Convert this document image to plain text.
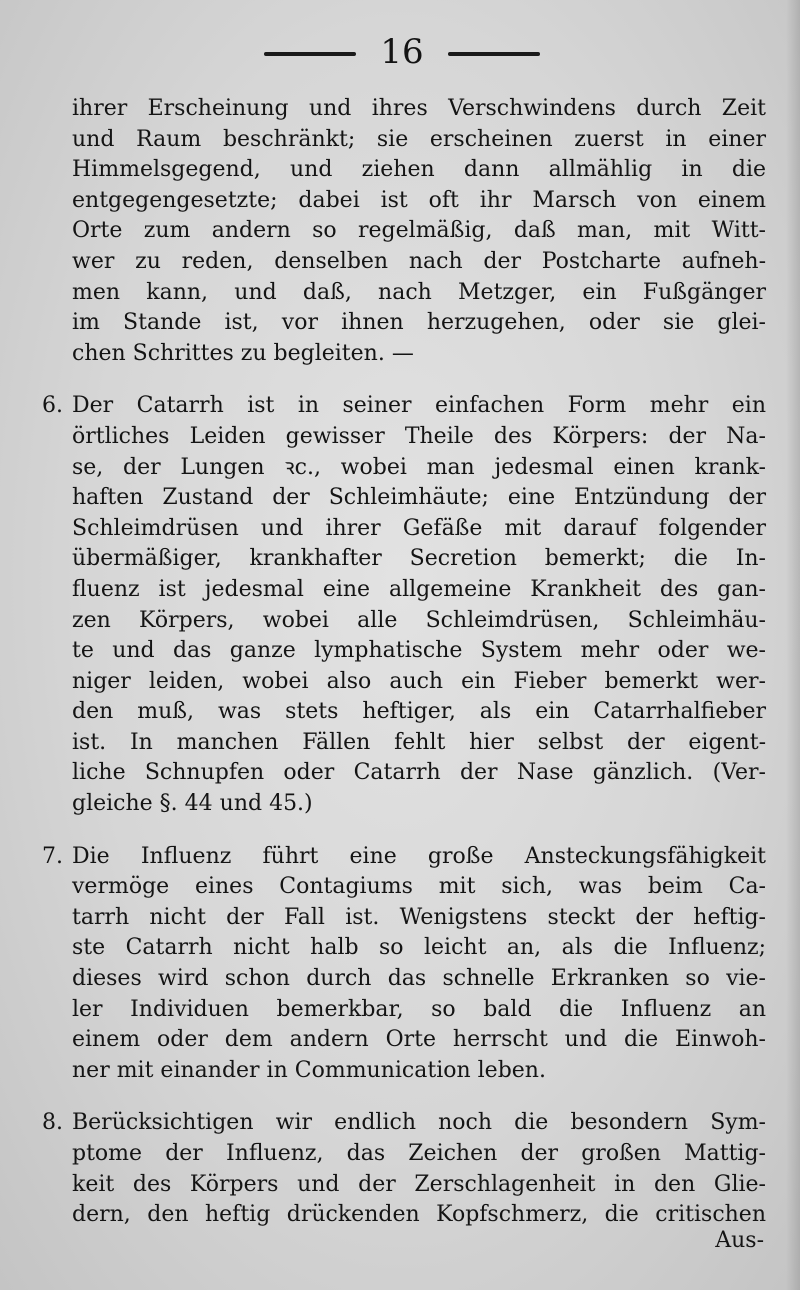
16
ihrer Erscheinung und ihres Verschwindens durch Zeit
und Raum beschränkt; sie erscheinen zuerst in einer
Himmelsgegend, und ziehen dann allmählig in die
entgegengesetzte; dabei ist oft ihr Marsch von einem
Orte zum andern so regelmäßig, daß man, mit Witt-
wer zu reden, denselben nach der Postcharte aufneh-
men kann, und daß, nach Metzger, ein Fußgänger
im Stande ist, vor ihnen herzugehen, oder sie glei-
chen Schrittes zu begleiten. —
6. Der Catarrh ist in seiner einfachen Form mehr ein
örtliches Leiden gewisser Theile des Körpers: der Na-
se, der Lungen ꝛc., wobei man jedesmal einen krank-
haften Zustand der Schleimhäute; eine Entzündung der
Schleimdrüsen und ihrer Gefäße mit darauf folgender
übermäßiger, krankhafter Secretion bemerkt; die In-
fluenz ist jedesmal eine allgemeine Krankheit des gan-
zen Körpers, wobei alle Schleimdrüsen, Schleimhäu-
te und das ganze lymphatische System mehr oder we-
niger leiden, wobei also auch ein Fieber bemerkt wer-
den muß, was stets heftiger, als ein Catarrhalfieber
ist. In manchen Fällen fehlt hier selbst der eigent-
liche Schnupfen oder Catarrh der Nase gänzlich. (Ver-
gleiche §. 44 und 45.)
7. Die Influenz führt eine große Ansteckungsfähigkeit
vermöge eines Contagiums mit sich, was beim Ca-
tarrh nicht der Fall ist. Wenigstens steckt der heftig-
ste Catarrh nicht halb so leicht an, als die Influenz;
dieses wird schon durch das schnelle Erkranken so vie-
ler Individuen bemerkbar, so bald die Influenz an
einem oder dem andern Orte herrscht und die Einwoh-
ner mit einander in Communication leben.
8. Berücksichtigen wir endlich noch die besondern Sym-
ptome der Influenz, das Zeichen der großen Mattig-
keit des Körpers und der Zerschlagenheit in den Glie-
dern, den heftig drückenden Kopfschmerz, die critischen
Aus-
